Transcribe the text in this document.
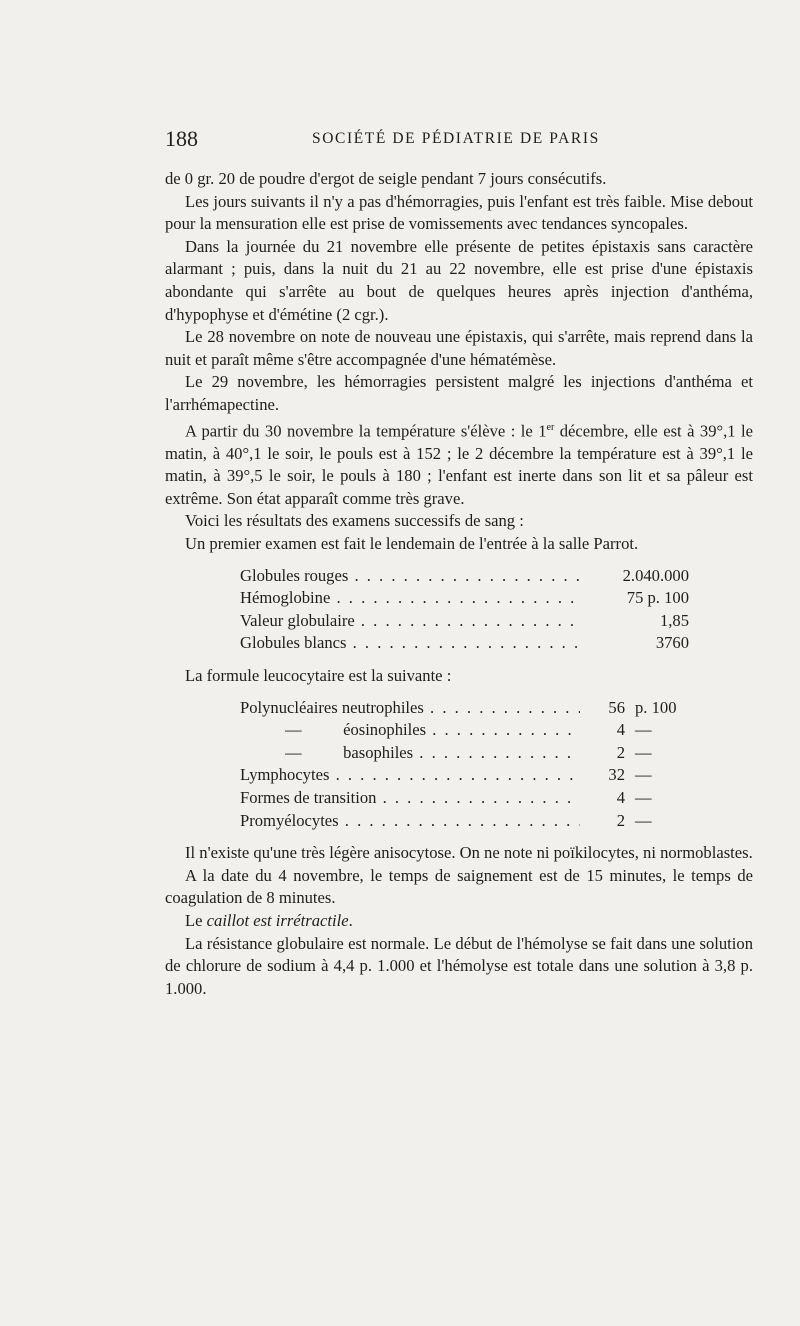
188	SOCIÉTÉ DE PÉDIATRIE DE PARIS

de 0 gr. 20 de poudre d'ergot de seigle pendant 7 jours consécutifs.

Les jours suivants il n'y a pas d'hémorragies, puis l'enfant est très faible. Mise debout pour la mensuration elle est prise de vomissements avec tendances syncopales.

Dans la journée du 21 novembre elle présente de petites épistaxis sans caractère alarmant ; puis, dans la nuit du 21 au 22 novembre, elle est prise d'une épistaxis abondante qui s'arrête au bout de quelques heures après injection d'anthéma, d'hypophyse et d'émétine (2 cgr.).

Le 28 novembre on note de nouveau une épistaxis, qui s'arrête, mais reprend dans la nuit et paraît même s'être accompagnée d'une hématémèse.

Le 29 novembre, les hémorragies persistent malgré les injections d'anthéma et l'arrhémapectine.

A partir du 30 novembre la température s'élève : le 1er décembre, elle est à 39°,1 le matin, à 40°,1 le soir, le pouls est à 152 ; le 2 décembre la température est à 39°,1 le matin, à 39°,5 le soir, le pouls à 180 ; l'enfant est inerte dans son lit et sa pâleur est extrême. Son état apparaît comme très grave.

Voici les résultats des examens successifs de sang :

Un premier examen est fait le lendemain de l'entrée à la salle Parrot.

Globules rouges . . .	2.040.000
Hémoglobine . . .	75 p. 100
Valeur globulaire . . .	1,85
Globules blancs . . .	3760

La formule leucocytaire est la suivante :

Polynucléaires neutrophiles . . .	56 p. 100
—          éosinophiles . . .	4 —
—          basophiles . . .	2 —
Lymphocytes . . .	32 —
Formes de transition . . .	4 —
Promyélocytes . . .	2 —

Il n'existe qu'une très légère anisocytose. On ne note ni poïkilocytes, ni normoblastes.

A la date du 4 novembre, le temps de saignement est de 15 minutes, le temps de coagulation de 8 minutes.

Le caillot est irrétractile.

La résistance globulaire est normale. Le début de l'hémolyse se fait dans une solution de chlorure de sodium à 4,4 p. 1.000 et l'hémolyse est totale dans une solution à 3,8 p. 1.000.
